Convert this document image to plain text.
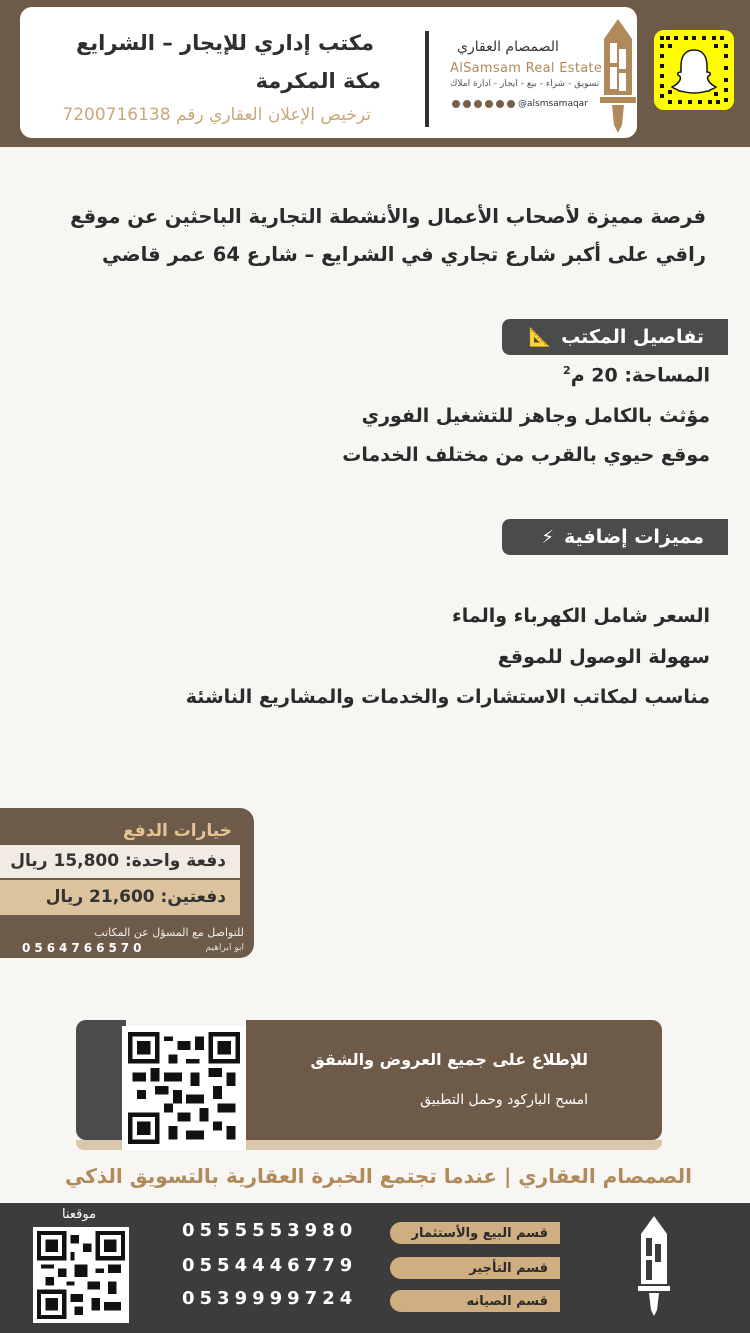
مكتب إداري للإيجار – الشرايع
مكة المكرمة
ترخيص الإعلان العقاري رقم 7200716138
الصمصام العقاري
AlSamsam Real Estate
تسويق - شراء - بيع - ايجار - ادارة املاك
@alsmsamaqar
فرصة مميزة لأصحاب الأعمال والأنشطة التجارية الباحثين عن موقع
راقي على أكبر شارع تجاري في الشرايع – شارع 64 عمر قاضي
تفاصيل المكتب
📐
المساحة: 20 م$^2$
مؤثث بالكامل وجاهز للتشغيل الفوري
موقع حيوي بالقرب من مختلف الخدمات
مميزات إضافية
⚡
السعر شامل الكهرباء والماء
سهولة الوصول للموقع
مناسب لمكاتب الاستشارات والخدمات والمشاريع الناشئة
خيارات الدفع
للتواصل مع المسؤل عن المكاتب
ابو ابراهيم
0564766570
دفعة واحدة: 15,800 ريال
دفعتين: 21,600 ريال
للإطلاع على جميع العروض والشقق
امسح الباركود وحمل التطبيق
الصمصام العقاري | عندما تجتمع الخبرة العقارية بالتسويق الذكي
موقعنا
قسم البيع والأستثمار
0555553980
قسم التأجير
0554446779
قسم الصيانه
0539999724
